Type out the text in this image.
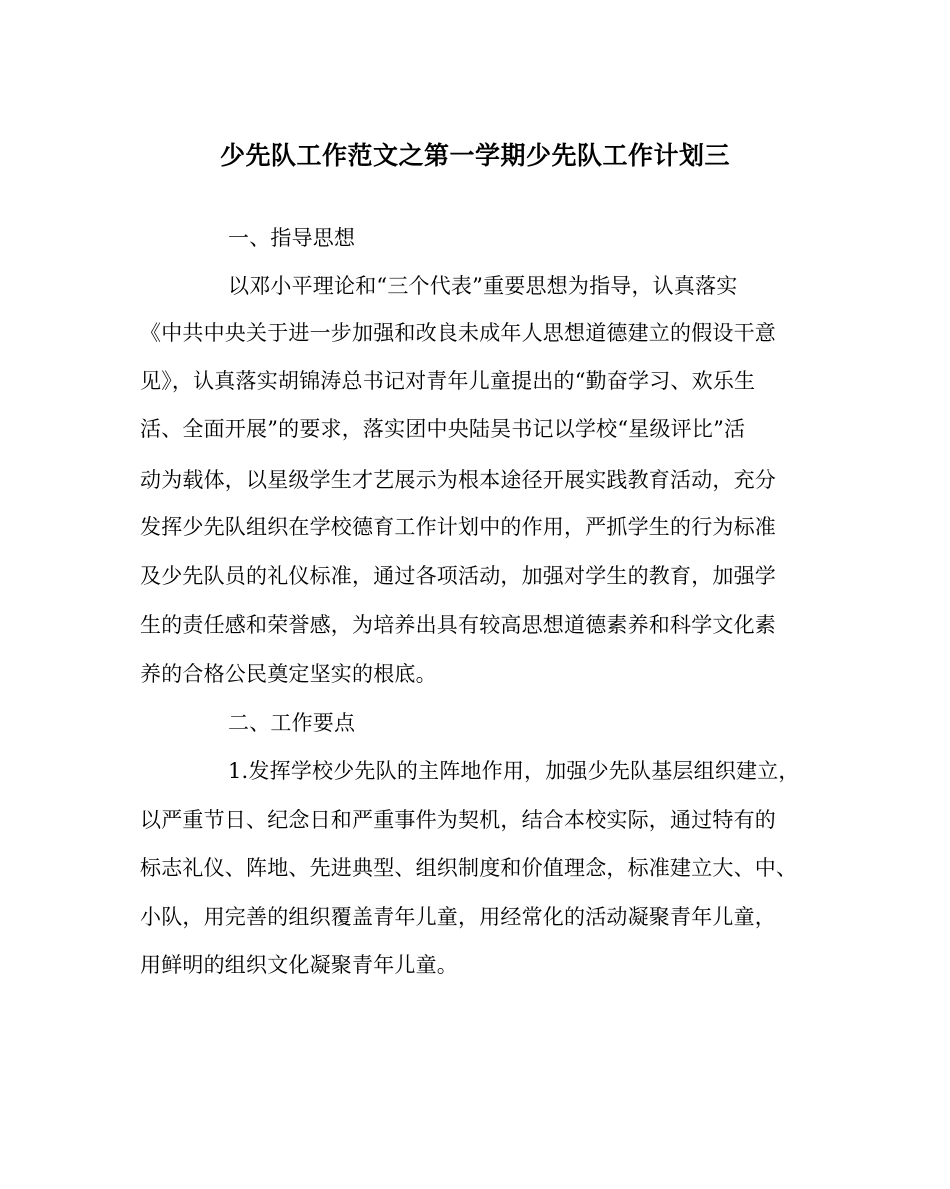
少先队工作范文之第一学期少先队工作计划三
一、指导思想
以邓小平理论和“三个代表”重要思想为指导，认真落实
《中共中央关于进一步加强和改良未成年人思想道德建立的假设干意
见》，认真落实胡锦涛总书记对青年儿童提出的“勤奋学习、欢乐生
活、全面开展”的要求，落实团中央陆昊书记以学校“星级评比”活
动为载体，以星级学生才艺展示为根本途径开展实践教育活动，充分
发挥少先队组织在学校德育工作计划中的作用，严抓学生的行为标准
及少先队员的礼仪标准，通过各项活动，加强对学生的教育，加强学
生的责任感和荣誉感，为培养出具有较高思想道德素养和科学文化素
养的合格公民奠定坚实的根底。
二、工作要点
1.发挥学校少先队的主阵地作用，加强少先队基层组织建立，
以严重节日、纪念日和严重事件为契机，结合本校实际，通过特有的
标志礼仪、阵地、先进典型、组织制度和价值理念，标准建立大、中、
小队，用完善的组织覆盖青年儿童，用经常化的活动凝聚青年儿童，
用鲜明的组织文化凝聚青年儿童。
